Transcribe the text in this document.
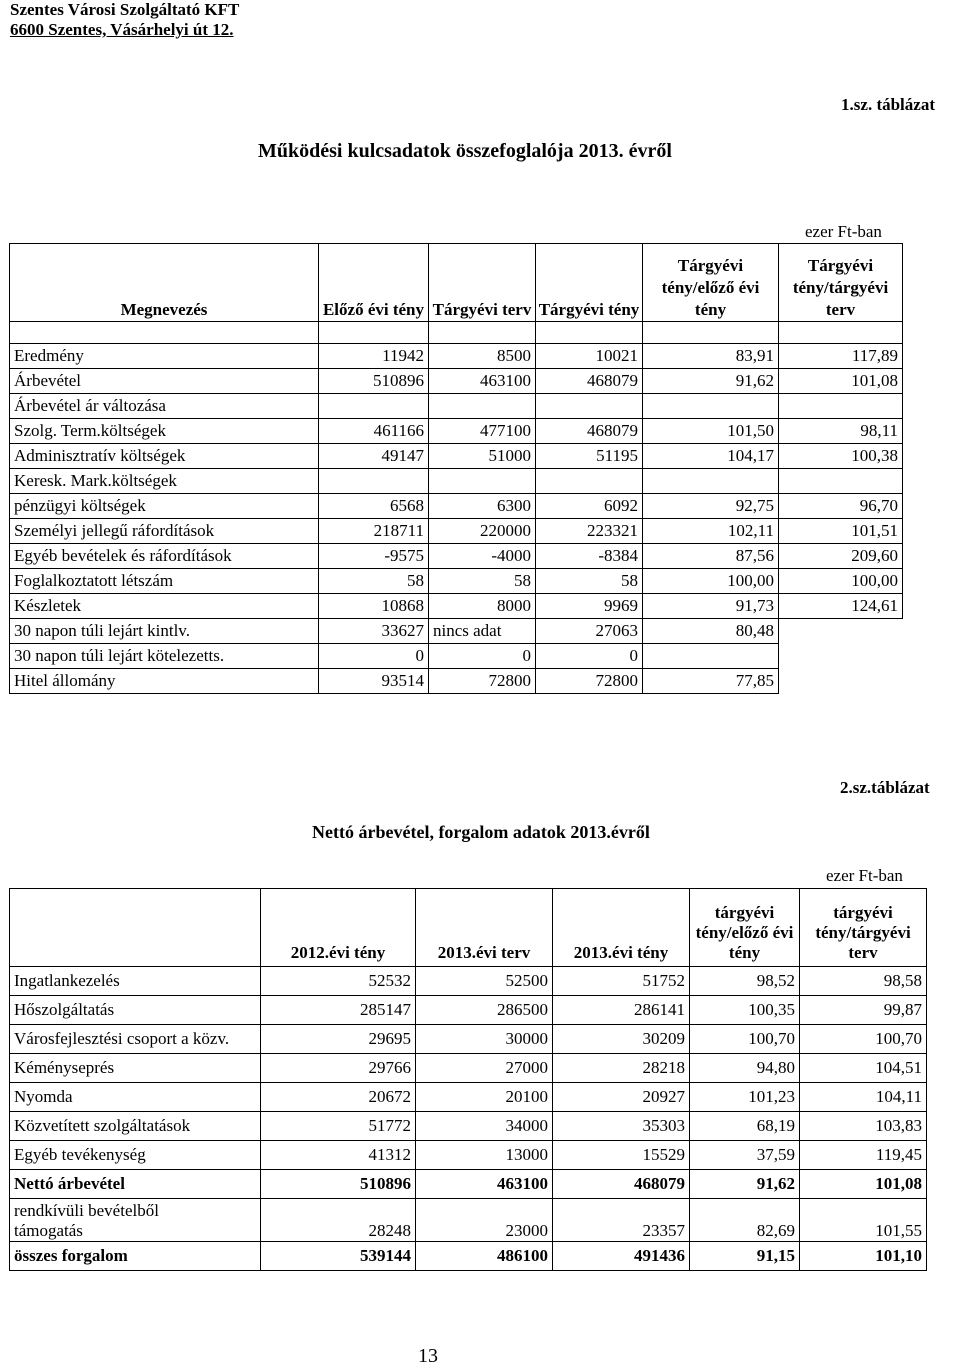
Szentes Városi Szolgáltató KFT
6600 Szentes, Vásárhelyi út 12.
1.sz. táblázat
Működési kulcsadatok összefoglalója 2013. évről
ezer Ft-ban
Megnevezés	Előző évi tény	Tárgyévi terv	Tárgyévi tény	Tárgyévi tény/előző évi tény	Tárgyévi tény/tárgyévi terv

Eredmény	11942	8500	10021	83,91	117,89
Árbevétel	510896	463100	468079	91,62	101,08
Árbevétel ár változása					
Szolg. Term.költségek	461166	477100	468079	101,50	98,11
Adminisztratív költségek	49147	51000	51195	104,17	100,38
Keresk. Mark.költségek					
pénzügyi költségek	6568	6300	6092	92,75	96,70
Személyi jellegű ráfordítások	218711	220000	223321	102,11	101,51
Egyéb bevételek és ráfordítások	-9575	-4000	-8384	87,56	209,60
Foglalkoztatott létszám	58	58	58	100,00	100,00
Készletek	10868	8000	9969	91,73	124,61
30 napon túli lejárt kintlv.	33627	nincs adat	27063	80,48	
30 napon túli lejárt kötelezetts.	0	0	0		
Hitel állomány	93514	72800	72800	77,85	
2.sz.táblázat
Nettó árbevétel, forgalom adatok 2013.évről
ezer Ft-ban
	2012.évi tény	2013.évi terv	2013.évi tény	tárgyévi tény/előző évi tény	tárgyévi tény/tárgyévi terv
Ingatlankezelés	52532	52500	51752	98,52	98,58
Hőszolgáltatás	285147	286500	286141	100,35	99,87
Városfejlesztési csoport a közv.	29695	30000	30209	100,70	100,70
Kéményseprés	29766	27000	28218	94,80	104,51
Nyomda	20672	20100	20927	101,23	104,11
Közvetített szolgáltatások	51772	34000	35303	68,19	103,83
Egyéb tevékenység	41312	13000	15529	37,59	119,45
Nettó árbevétel	510896	463100	468079	91,62	101,08

rendkívüli bevételből
támogatás	28248	23000	23357	82,69	101,55
összes forgalom	539144	486100	491436	91,15	101,10
13
